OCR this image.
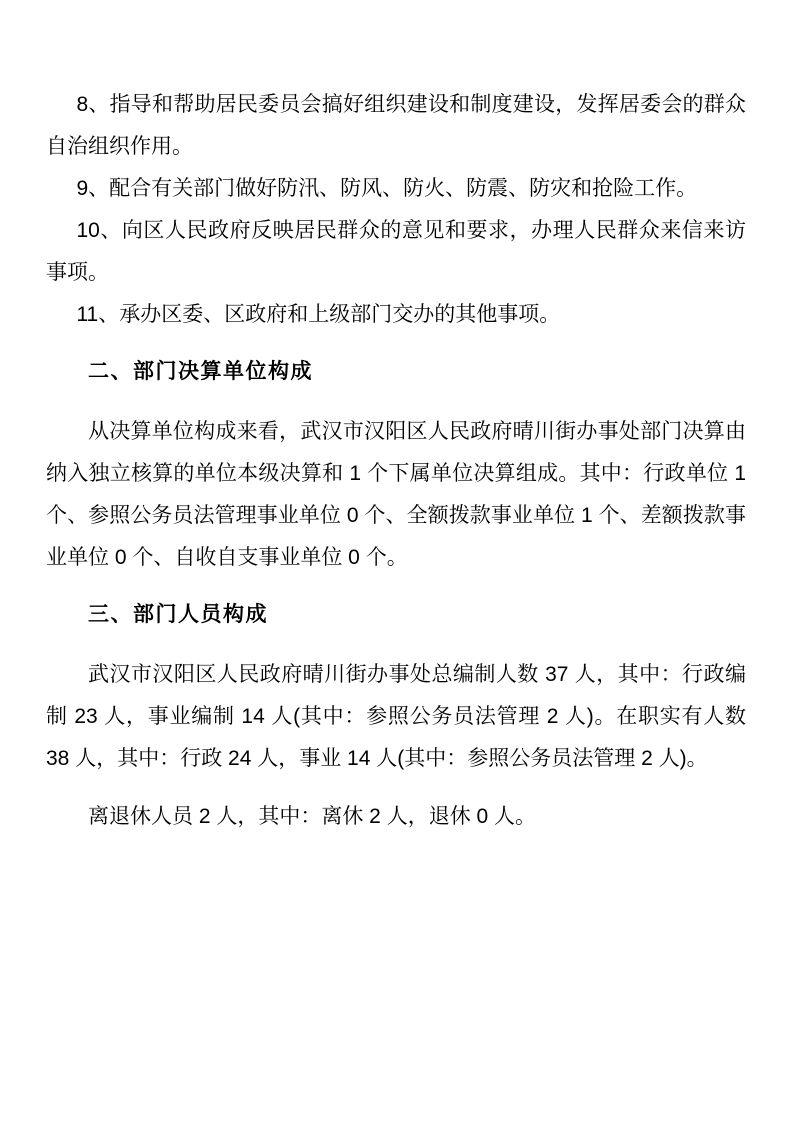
8、指导和帮助居民委员会搞好组织建设和制度建设，发挥居委会的群众自治组织作用。

9、配合有关部门做好防汛、防风、防火、防震、防灾和抢险工作。

10、向区人民政府反映居民群众的意见和要求，办理人民群众来信来访事项。

11、承办区委、区政府和上级部门交办的其他事项。

二、部门决算单位构成

从决算单位构成来看，武汉市汉阳区人民政府晴川街办事处部门决算由纳入独立核算的单位本级决算和 1 个下属单位决算组成。其中：行政单位 1 个、参照公务员法管理事业单位 0 个、全额拨款事业单位 1 个、差额拨款事业单位 0 个、自收自支事业单位 0 个。

三、部门人员构成

武汉市汉阳区人民政府晴川街办事处总编制人数 37 人，其中：行政编制 23 人，事业编制 14 人(其中：参照公务员法管理 2 人)。在职实有人数 38 人，其中：行政 24 人，事业 14 人(其中：参照公务员法管理 2 人)。

离退休人员 2 人，其中：离休 2 人，退休 0 人。
